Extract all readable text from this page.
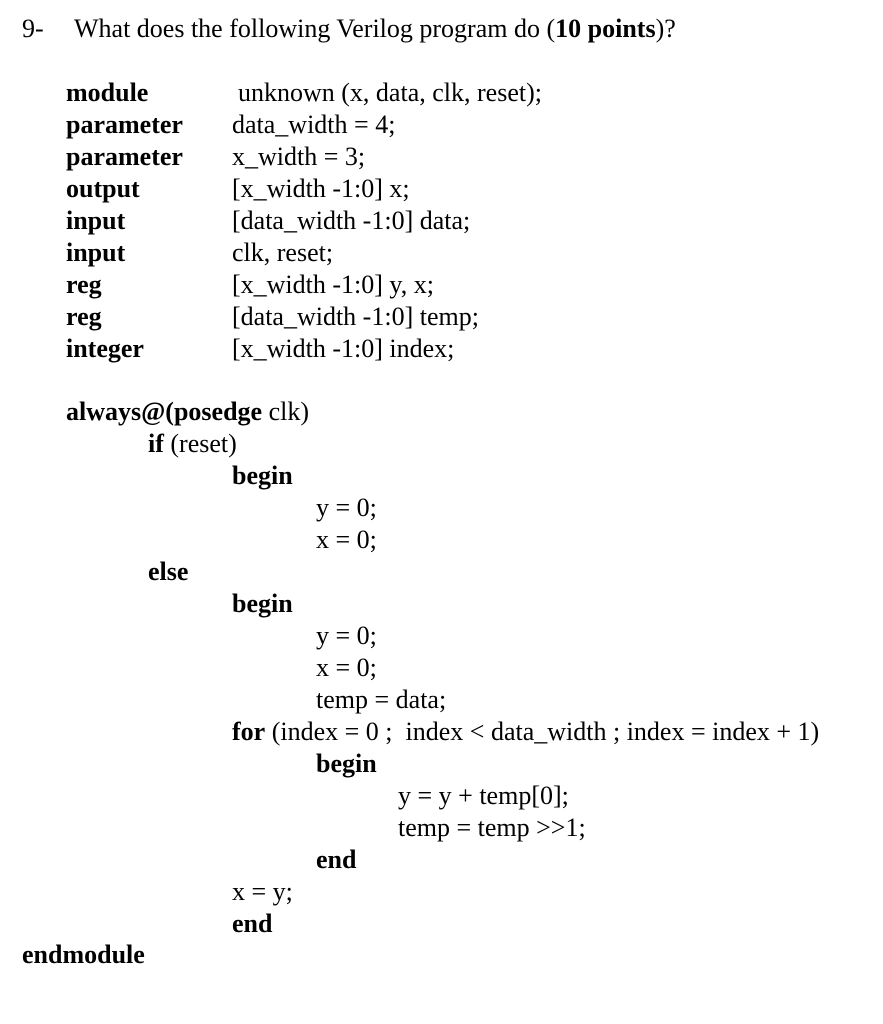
9- What does the following Verilog program do (10 points)?
module	unknown (x, data, clk, reset);
parameter data_width = 4;
parameter x_width = 3;
output	[x_width -1:0] x;
input	[data_width -1:0] data;
input	clk, reset;
reg	[x_width -1:0] y, x;
reg	[data_width -1:0] temp;
integer	[x_width -1:0] index;
always@(posedge clk)
if (reset)
begin
y = 0;
x = 0;
else
begin
y = 0;
x = 0;
temp = data;
for (index = 0 ;  index < data_width ; index = index + 1)
begin
y = y + temp[0];
temp = temp >>1;
end
x = y;
end
endmodule
